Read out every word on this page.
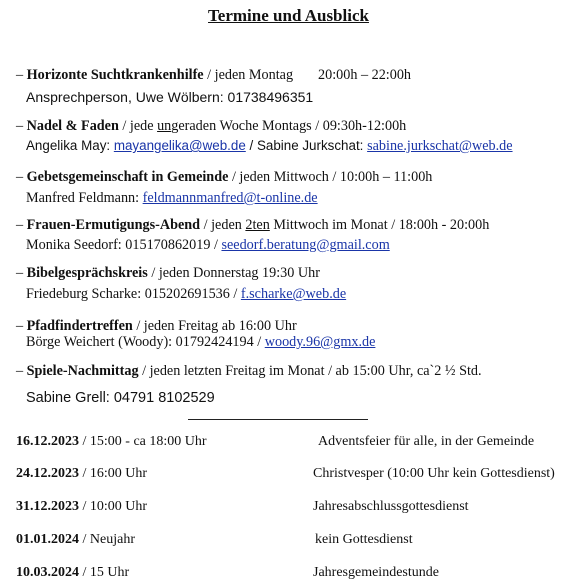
Termine und Ausblick
– Horizonte Suchtkrankenhilfe / jeden Montag 20:00h – 22:00h
Ansprechperson, Uwe Wölbern: 01738496351
– Nadel & Faden / jede ungeraden Woche Montags / 09:30h-12:00h
Angelika May: mayangelika@web.de / Sabine Jurkschat: sabine.jurkschat@web.de
– Gebetsgemeinschaft in Gemeinde / jeden Mittwoch / 10:00h – 11:00h
Manfred Feldmann: feldmannmanfred@t-online.de
– Frauen-Ermutigungs-Abend / jeden 2ten Mittwoch im Monat / 18:00h - 20:00h
Monika Seedorf: 015170862019 / seedorf.beratung@gmail.com
– Bibelgesprächskreis / jeden Donnerstag 19:30 Uhr
Friedeburg Scharke: 015202691536 / f.scharke@web.de
– Pfadfindertreffen / jeden Freitag ab 16:00 Uhr
Börge Weichert (Woody): 01792424194 / woody.96@gmx.de
– Spiele-Nachmittag / jeden letzten Freitag im Monat / ab 15:00 Uhr, ca`2 ½ Std.
Sabine Grell: 04791 8102529
16.12.2023 / 15:00 - ca 18:00 Uhr	Adventsfeier für alle, in der Gemeinde
24.12.2023 / 16:00 Uhr	Christvesper (10:00 Uhr kein Gottesdienst)
31.12.2023 / 10:00 Uhr	Jahresabschlussgottesdienst
01.01.2024 / Neujahr	kein Gottesdienst
10.03.2024 / 15 Uhr	Jahresgemeindestunde
